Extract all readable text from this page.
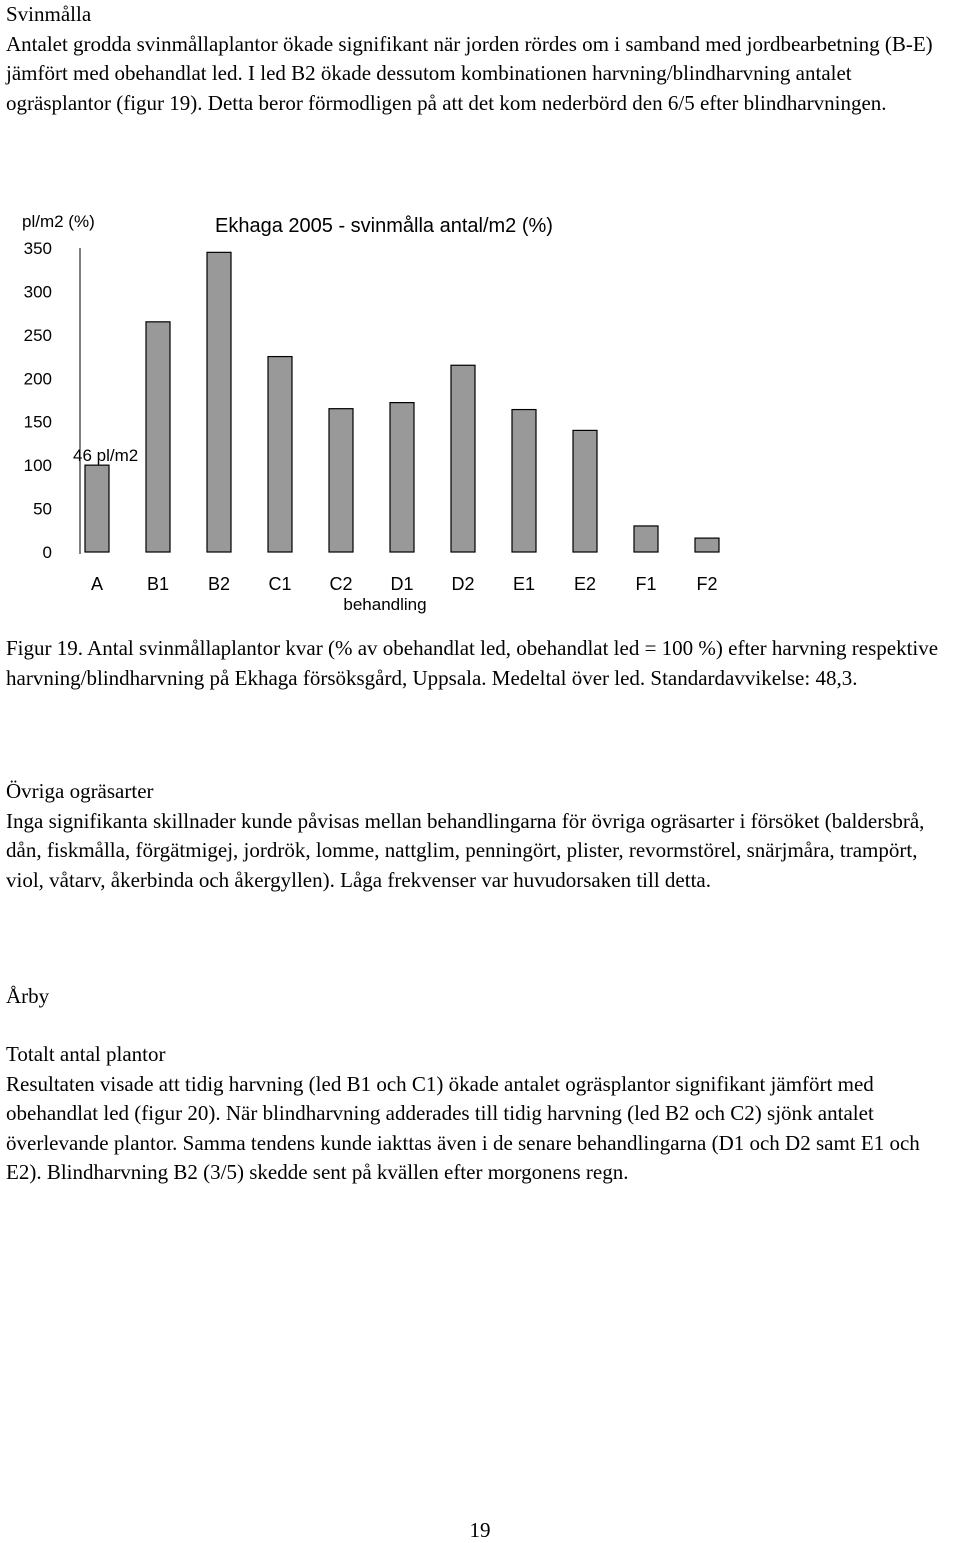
Svinmålla
Antalet grodda svinmållaplantor ökade signifikant när jorden rördes om i samband med jordbearbetning (B-E) jämfört med obehandlat led. I led B2 ökade dessutom kombinationen harvning/blindharvning antalet ogräsplantor (figur 19). Detta beror förmodligen på att det kom nederbörd den 6/5 efter blindharvningen.

0
50
100
150
200
250
300
350
pl/m2 (%)	Ekhaga 2005 - svinmålla antal/m2 (%)
A B1 B2 C1 C2 D1 D2 E1 E2 F1 F2
behandling
46 pl/m2

Figur 19. Antal svinmållaplantor kvar (% av obehandlat led, obehandlat led = 100 %) efter harvning respektive harvning/blindharvning på Ekhaga försöksgård, Uppsala. Medeltal över led. Standardavvikelse: 48,3.

Övriga ogräsarter
Inga signifikanta skillnader kunde påvisas mellan behandlingarna för övriga ogräsarter i försöket (baldersbrå, dån, fiskmålla, förgätmigej, jordrök, lomme, nattglim, penningört, plister, revormstörel, snärjmåra, trampört, viol, våtarv, åkerbinda och åkergyllen). Låga frekvenser var huvudorsaken till detta.

Årby

Totalt antal plantor
Resultaten visade att tidig harvning (led B1 och C1) ökade antalet ogräsplantor signifikant jämfört med obehandlat led (figur 20). När blindharvning adderades till tidig harvning (led B2 och C2) sjönk antalet överlevande plantor. Samma tendens kunde iakttas även i de senare behandlingarna (D1 och D2 samt E1 och E2). Blindharvning B2 (3/5) skedde sent på kvällen efter morgonens regn.

19
